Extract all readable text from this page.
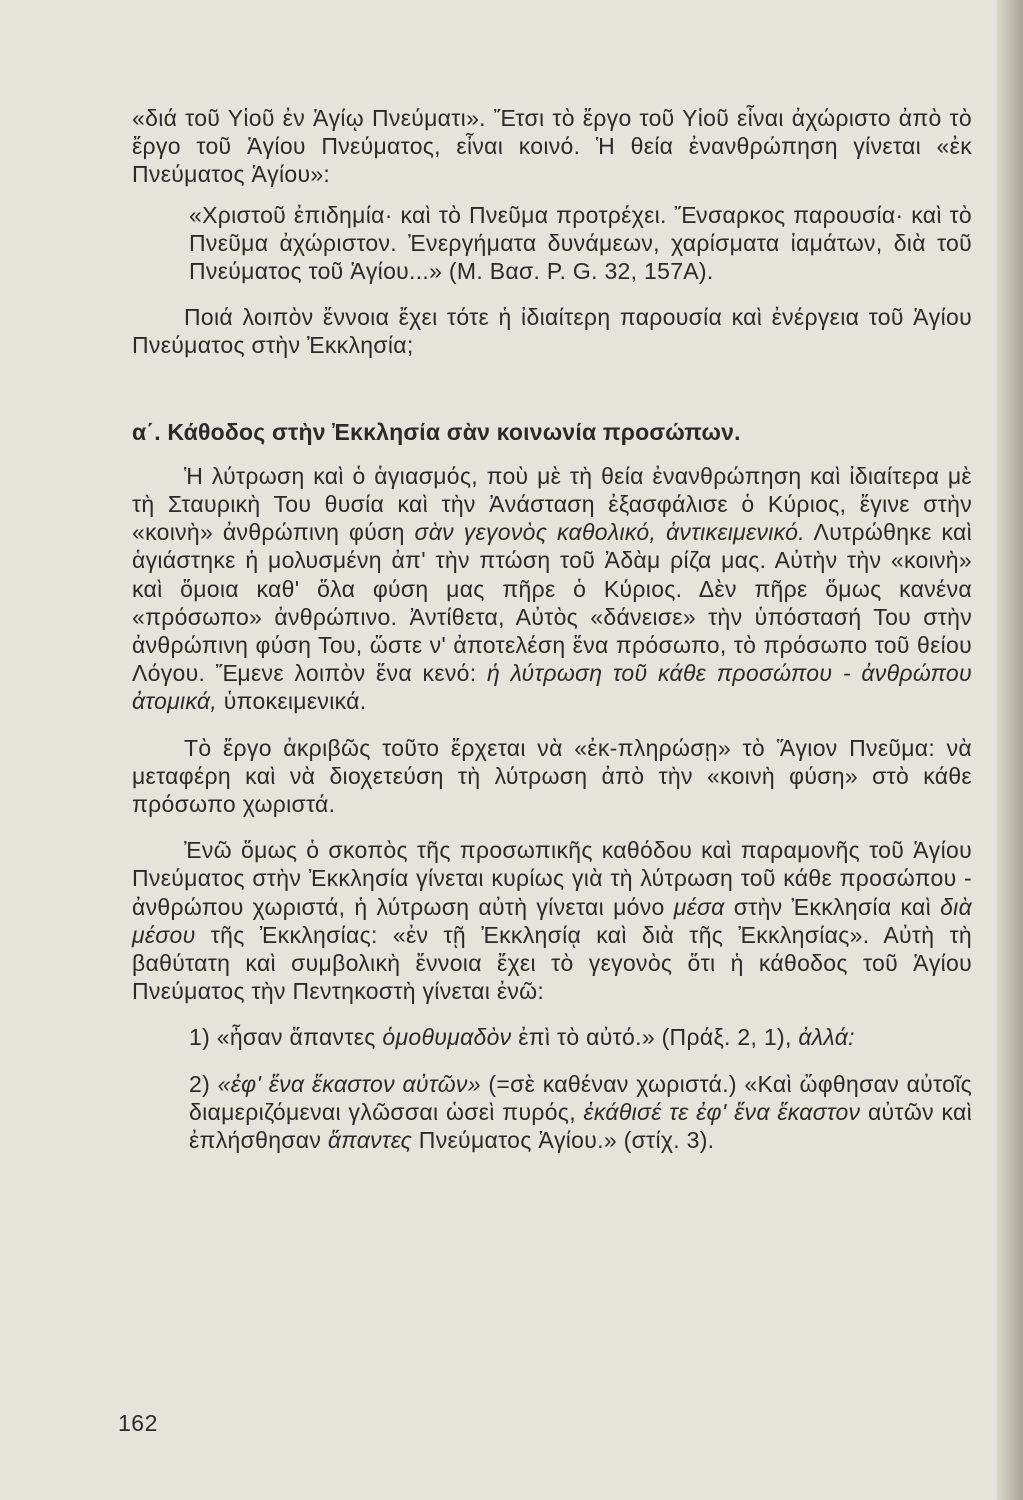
«διά τοῦ Υἱοῦ ἐν Ἁγίῳ Πνεύματι». Ἔτσι τὸ ἔργο τοῦ Υἱοῦ εἶναι ἀχώριστο ἀπὸ τὸ ἔργο τοῦ Ἁγίου Πνεύματος, εἶναι κοινό. Ἡ θεία ἐνανθρώπηση γίνεται «ἐκ Πνεύματος Ἁγίου»:

«Χριστοῦ ἐπιδημία· καὶ τὸ Πνεῦμα προτρέχει. Ἔνσαρκος παρουσία· καὶ τὸ Πνεῦμα ἀχώριστον. Ἐνεργήματα δυνάμεων, χαρίσματα ἰαμάτων, διὰ τοῦ Πνεύματος τοῦ Ἁγίου...» (Μ. Βασ. P. G. 32, 157A).

Ποιά λοιπὸν ἔννοια ἔχει τότε ἡ ἰδιαίτερη παρουσία καὶ ἐνέργεια τοῦ Ἁγίου Πνεύματος στὴν Ἐκκλησία;

α΄. Κάθοδος στὴν Ἐκκλησία σὰν κοινωνία προσώπων.

Ἡ λύτρωση καὶ ὁ ἁγιασμός, ποὺ μὲ τὴ θεία ἐνανθρώπηση καὶ ἰδιαίτερα μὲ τὴ Σταυρικὴ Του θυσία καὶ τὴν Ἀνάσταση ἐξασφάλισε ὁ Κύριος, ἔγινε στὴν «κοινὴ» ἀνθρώπινη φύση σὰν γεγονὸς καθολικό, ἀντικειμενικό. Λυτρώθηκε καὶ ἁγιάστηκε ἡ μολυσμένη ἀπ' τὴν πτώση τοῦ Ἀδὰμ ρίζα μας. Αὐτὴν τὴν «κοινὴ» καὶ ὅμοια καθ' ὅλα φύση μας πῆρε ὁ Κύριος. Δὲν πῆρε ὅμως κανένα «πρόσωπο» ἀνθρώπινο. Ἀντίθετα, Αὐτὸς «δάνεισε» τὴν ὑπόστασή Του στὴν ἀνθρώπινη φύση Του, ὥστε ν' ἀποτελέση ἕνα πρόσωπο, τὸ πρόσωπο τοῦ θείου Λόγου. Ἔμενε λοιπὸν ἕνα κενό: ἡ λύτρωση τοῦ κάθε προσώπου - ἀνθρώπου ἀτομικά, ὑποκειμενικά.

Τὸ ἔργο ἀκριβῶς τοῦτο ἔρχεται νὰ «ἐκ-πληρώσῃ» τὸ Ἅγιον Πνεῦμα: νὰ μεταφέρη καὶ νὰ διοχετεύση τὴ λύτρωση ἀπὸ τὴν «κοινὴ φύση» στὸ κάθε πρόσωπο χωριστά.

Ἐνῶ ὅμως ὁ σκοπὸς τῆς προσωπικῆς καθόδου καὶ παραμονῆς τοῦ Ἁγίου Πνεύματος στὴν Ἐκκλησία γίνεται κυρίως γιὰ τὴ λύτρωση τοῦ κάθε προσώπου - ἀνθρώπου χωριστά, ἡ λύτρωση αὐτὴ γίνεται μόνο μέσα στὴν Ἐκκλησία καὶ διὰ μέσου τῆς Ἐκκλησίας: «ἐν τῇ Ἐκκλησίᾳ καὶ διὰ τῆς Ἐκκλησίας». Αὐτὴ τὴ βαθύτατη καὶ συμβολικὴ ἔννοια ἔχει τὸ γεγονὸς ὅτι ἡ κάθοδος τοῦ Ἁγίου Πνεύματος τὴν Πεντηκοστὴ γίνεται ἐνῶ:

1) «ἦσαν ἅπαντες ὁμοθυμαδὸν ἐπὶ τὸ αὐτό.» (Πράξ. 2, 1), ἀλλά:

2) «ἐφ' ἕνα ἕκαστον αὐτῶν» (=σὲ καθέναν χωριστά.) «Καὶ ὤφθησαν αὐτοῖς διαμεριζόμεναι γλῶσσαι ὡσεὶ πυρός, ἐκάθισέ τε ἐφ' ἕνα ἕκαστον αὐτῶν καὶ ἐπλήσθησαν ἅπαντες Πνεύματος Ἁγίου.» (στίχ. 3).

162
